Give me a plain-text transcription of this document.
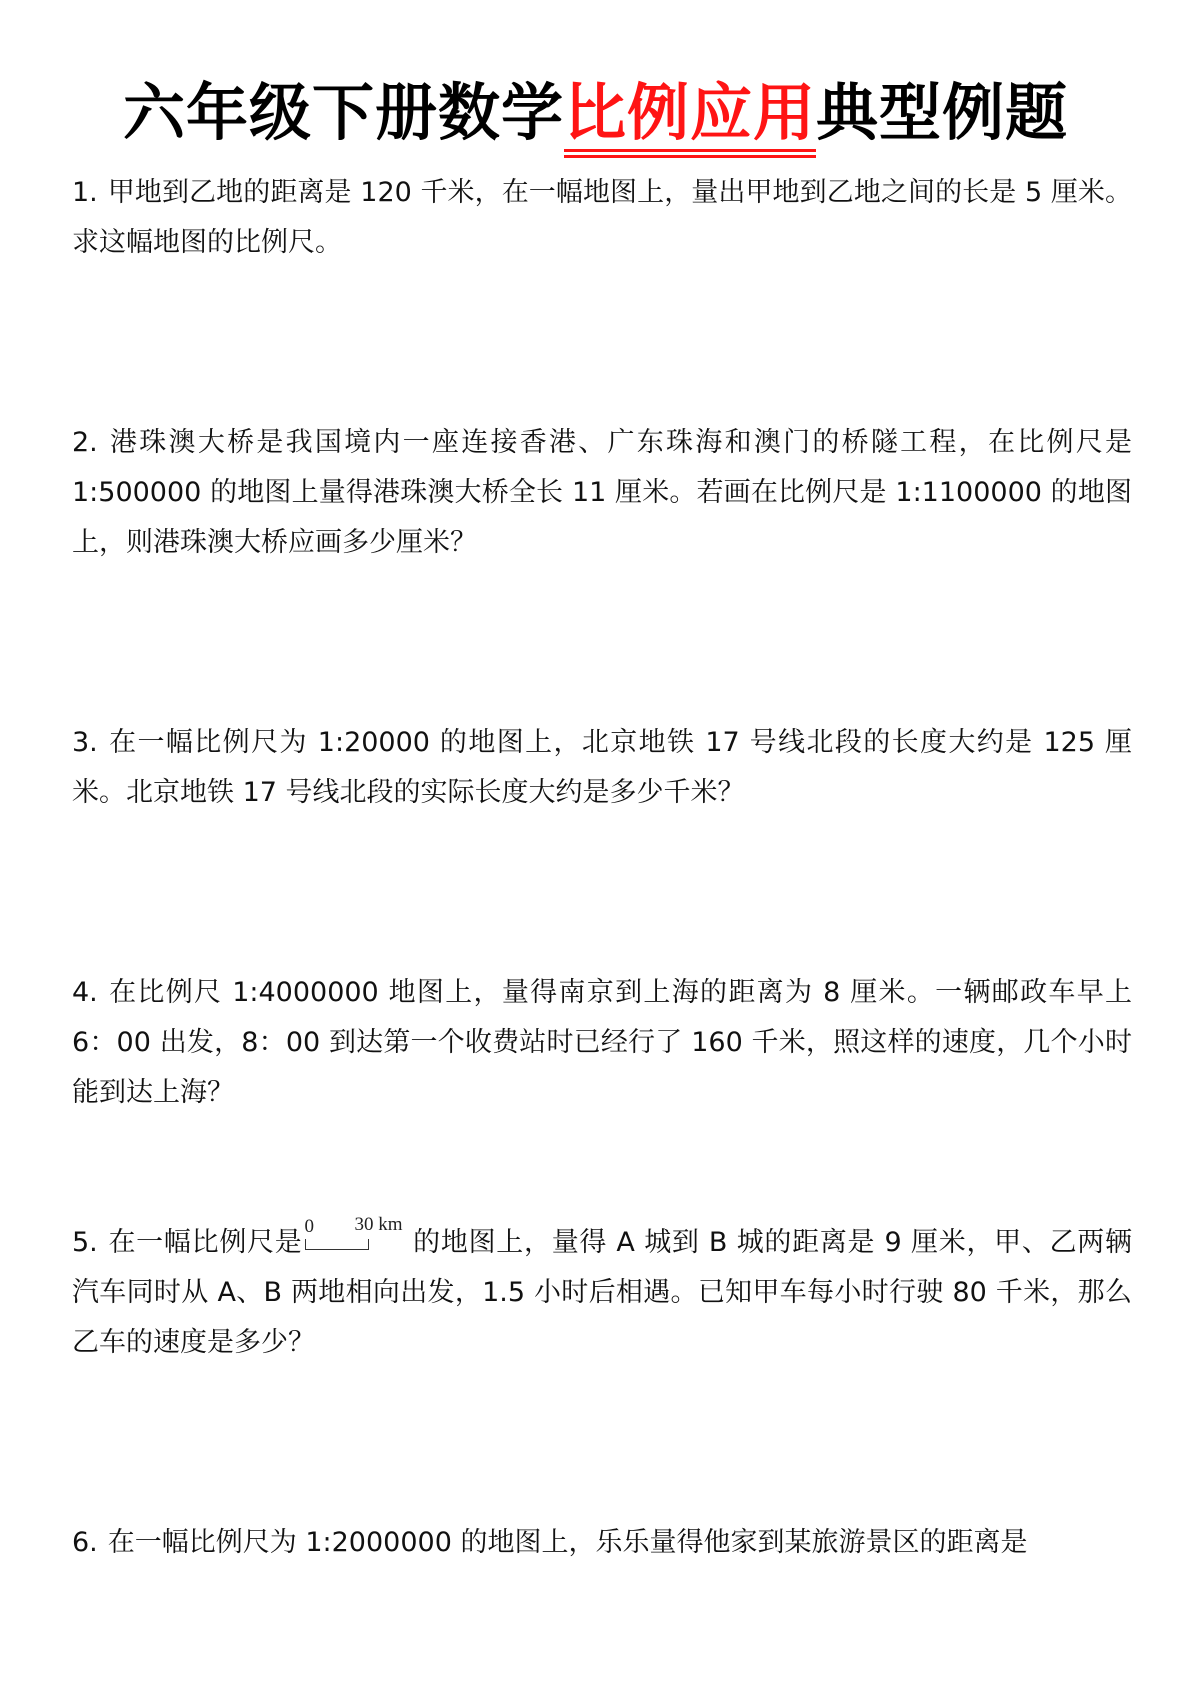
六年级下册数学比例应用典型例题
1. 甲地到乙地的距离是 120 千米，在一幅地图上，量出甲地到乙地之间的长是 5 厘米。求这幅地图的比例尺。
2. 港珠澳大桥是我国境内一座连接香港、广东珠海和澳门的桥隧工程，在比例尺是 1:500000 的地图上量得港珠澳大桥全长 11 厘米。若画在比例尺是 1:1100000 的地图上，则港珠澳大桥应画多少厘米？
3. 在一幅比例尺为 1:20000 的地图上，北京地铁 17 号线北段的长度大约是 125 厘米。北京地铁 17 号线北段的实际长度大约是多少千米？
4. 在比例尺 1:4000000 地图上，量得南京到上海的距离为 8 厘米。一辆邮政车早上 6：00 出发，8：00 到达第一个收费站时已经行了 160 千米，照这样的速度，几个小时能到达上海？
5. 在一幅比例尺是
0 30 km
的地图上，量得 A 城到 B 城的距离是 9 厘米，甲、乙两辆汽车同时从 A、B 两地相向出发，1.5 小时后相遇。已知甲车每小时行驶 80 千米，那么乙车的速度是多少？
6. 在一幅比例尺为 1:2000000 的地图上，乐乐量得他家到某旅游景区的距离是
